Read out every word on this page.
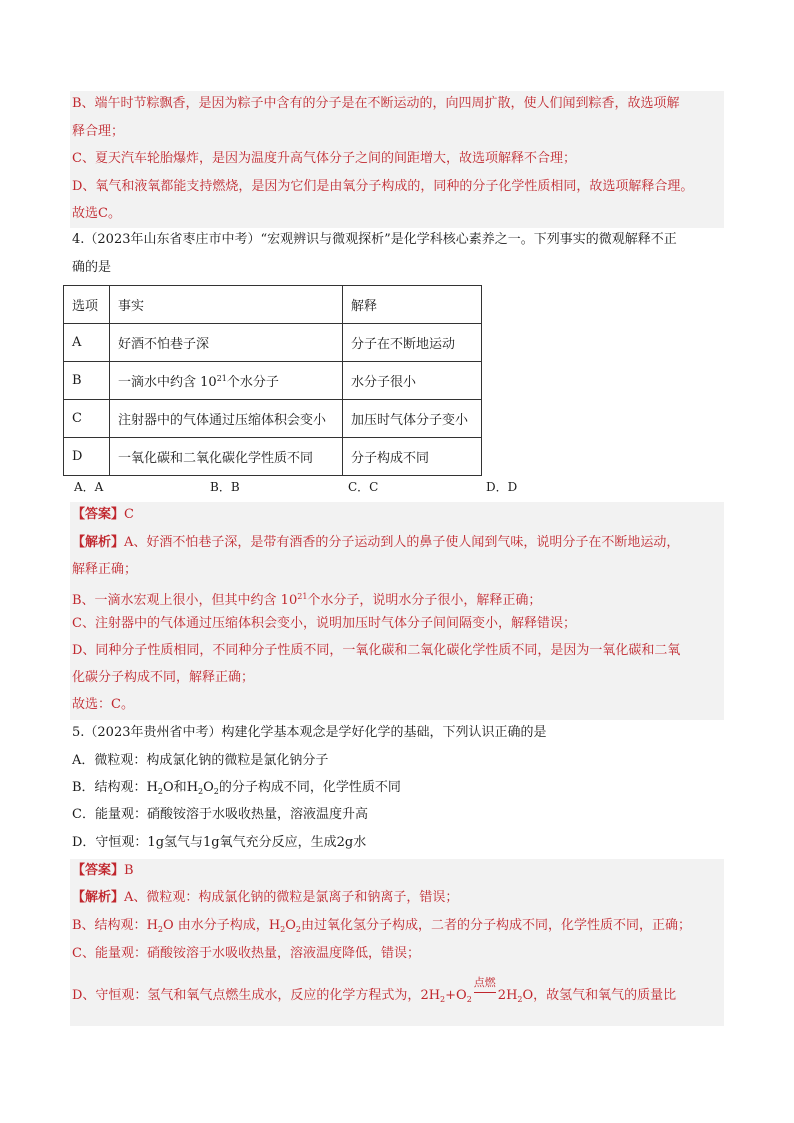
B、端午时节粽飘香，是因为粽子中含有的分子是在不断运动的，向四周扩散，使人们闻到粽香，故选项解
释合理；
C、夏天汽车轮胎爆炸，是因为温度升高气体分子之间的间距增大，故选项解释不合理；
D、氧气和液氧都能支持燃烧，是因为它们是由氧分子构成的，同种的分子化学性质相同，故选项解释合理。
故选C。
4.（2023年山东省枣庄市中考）“宏观辨识与微观探析”是化学科核心素养之一。下列事实的微观解释不正
确的是
选项	事实	解释
A	好酒不怕巷子深	分子在不断地运动
B	一滴水中约含 $10^{21}$个水分子	水分子很小
C	注射器中的气体通过压缩体积会变小	加压时气体分子变小
D	一氧化碳和二氧化碳化学性质不同	分子构成不同
A．A	B．B	C．C	D．D
【答案】C
【解析】A、好酒不怕巷子深，是带有酒香的分子运动到人的鼻子使人闻到气味，说明分子在不断地运动，
解释正确；
B、一滴水宏观上很小，但其中约含 $10^{21}$个水分子，说明水分子很小，解释正确；
C、注射器中的气体通过压缩体积会变小，说明加压时气体分子间间隔变小，解释错误；
D、同种分子性质相同，不同种分子性质不同，一氧化碳和二氧化碳化学性质不同，是因为一氧化碳和二氧
化碳分子构成不同，解释正确；
故选：C。
5.（2023年贵州省中考）构建化学基本观念是学好化学的基础，下列认识正确的是
A．微粒观：构成氯化钠的微粒是氯化钠分子
B．结构观：$H_2O$和$H_2O_2$的分子构成不同，化学性质不同
C．能量观：硝酸铵溶于水吸收热量，溶液温度升高
D．守恒观：1g氢气与1g氧气充分反应，生成2g水
【答案】B
【解析】A、微粒观：构成氯化钠的微粒是氯离子和钠离子，错误；
B、结构观：$H_2O$ 由水分子构成，$H_2O_2$由过氧化氢分子构成，二者的分子构成不同，化学性质不同，正确；
C、能量观：硝酸铵溶于水吸收热量，溶液温度降低，错误；
D、守恒观：氢气和氧气点燃生成水，反应的化学方程式为，$2H_2+O_2$
点燃
$2H_2O$，故氢气和氧气的质量比
